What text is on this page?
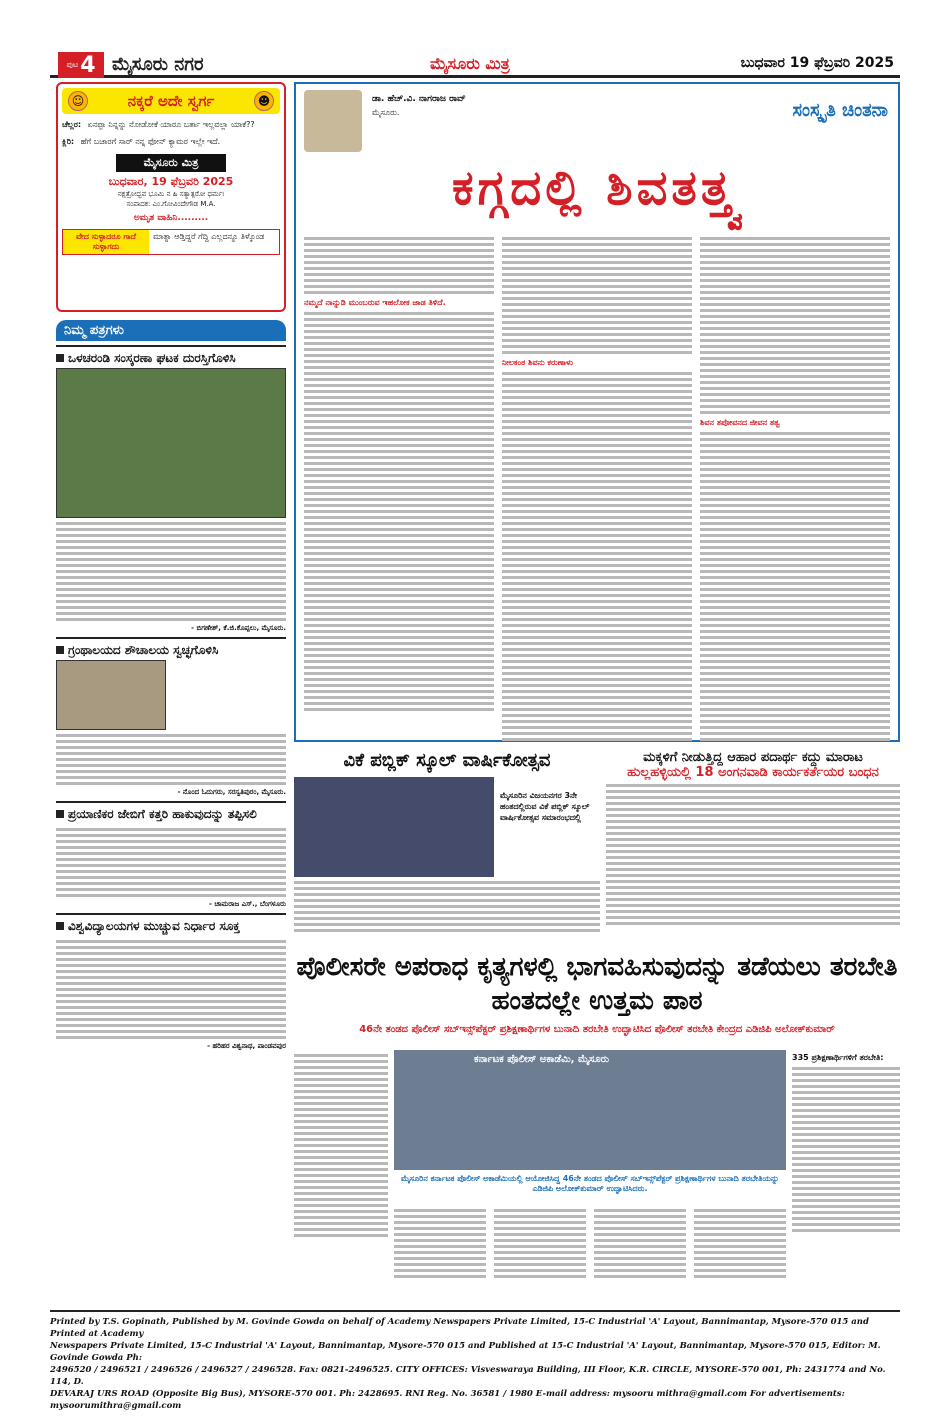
ಪುಟ 4 ಮೈಸೂರು ನಗರ	ಮೈಸೂರು ಮಿತ್ರ	ಬುಧವಾರ 19 ಫೆಬ್ರವರಿ 2025
☺	ನಕ್ಕರೆ ಅದೇ ಸ್ವರ್ಗ	☻
ಚೆಲ್ಲರ: ಏನಪ್ಪಾ ನಿನ್ನನ್ನು ನೋಡೋಕೆ ಯಾರೂ ಬರ್ತಾ ಇಲ್ಲವಲ್ಲಾ ಯಾಕೆ??
ಕ್ಲಿರಿ: ಹೆಗೆ ಬಜಾರಗೆ ಸಾರ್ ನನ್ನ ಫೋನ್ ಕ್ಯಾಮರ ಇಲ್ಲೇ ಇದೆ.
ಮೈಸೂರು ಮಿತ್ರ
ಬುಧವಾರ, 19 ಫೆಬ್ರವರಿ 2025
ನಕ್ಷತ್ರೋದ್ಭವ ಭೂಮಿ ನ ಹಿ ಸತ್ಯಾತ್ಪರೋ ಧರ್ಮಃ
ಸಂಪಾದಕ: ಎಂ.ಗೋವಿಂದೇಗೌಡ M.A.
ಅಮೃತ ವಾಹಿನಿ.........
ವೇದ ಸುಳ್ಳಾದರೂ ಗಾದೆ ಸುಳ್ಳಾಗದು
ಮಾತ್ನಾ ಆಡ್ತಿದ್ದರೆ ಗೆದ್ದಿ ಎಲ್ಲದನ್ನೂ ತಿಳ್ಕೊಂಡ
ನಿಮ್ಮ ಪತ್ರಗಳು
ಒಳಚರಂಡಿ ಸಂಸ್ಕರಣಾ ಘಟಕ ದುರಸ್ತಿಗೊಳಿಸಿ
- ಬಿಗಣೇಶ್, ಕೆ.ಜಿ.ಕೊಪ್ಪಲು, ಮೈಸೂರು.
ಗ್ರಂಥಾಲಯದ ಶೌಚಾಲಯ ಸ್ವಚ್ಛಗೊಳಿಸಿ
- ನೊಂದ ಓದುಗರು, ಸರಸ್ವತಿಪುರಂ, ಮೈಸೂರು.
ಪ್ರಯಾಣಿಕರ ಜೇಬಿಗೆ ಕತ್ತರಿ ಹಾಕುವುದನ್ನು ತಪ್ಪಿಸಲಿ
- ಚಾಮರಾಜ ಎಸ್‌., ಬೆಂಗಳೂರು
ವಿಶ್ವವಿದ್ಯಾಲಯಗಳ ಮುಚ್ಚುವ ನಿರ್ಧಾರ ಸೂಕ್ತ
- ಹರಿಹರ ವಿಶ್ವನಾಥ, ಪಾಂಡವಪುರ
ಡಾ. ಹೆಚ್‌.ವಿ. ನಾಗರಾಜ ರಾವ್
ಮೈಸೂರು.	ಸಂಸ್ಕೃತಿ ಚಿಂತನಾ
ಕಗ್ಗದಲ್ಲಿ ಶಿವತತ್ತ್ವ
ನಮ್ಮದೆ ನಾನ್ನುಡಿ ಮುಂಬರುವ ಇಹಲೋಕ ಜಾಡ ತಿಳಿದೆ.
ನೀಲಕಂಠ ಶಿವನು ಕರುಣಾಳು
ಶಿವನ ತಪೋವನದ ಜೀವನ ತತ್ವ
ವಿಕೆ ಪಬ್ಲಿಕ್ ಸ್ಕೂಲ್ ವಾರ್ಷಿಕೋತ್ಸವ
ಮೈಸೂರಿನ ವಿಜಯನಗರ 3ನೇ ಹಂತದಲ್ಲಿರುವ ವಿಕೆ ಪಬ್ಲಿಕ್ ಸ್ಕೂಲ್ ವಾರ್ಷಿಕೋತ್ಸವ ಸಮಾರಂಭದಲ್ಲಿ
ಮಕ್ಕಳಿಗೆ ನೀಡುತ್ತಿದ್ದ ಆಹಾರ ಪದಾರ್ಥ ಕದ್ದು ಮಾರಾಟ
ಹುಲ್ಲಹಳ್ಳಿಯಲ್ಲಿ 18 ಅಂಗನವಾಡಿ ಕಾರ್ಯಕರ್ತೆಯರ ಬಂಧನ
ಪೊಲೀಸರೇ ಅಪರಾಧ ಕೃತ್ಯಗಳಲ್ಲಿ ಭಾಗವಹಿಸುವುದನ್ನು ತಡೆಯಲು ತರಬೇತಿ ಹಂತದಲ್ಲೇ ಉತ್ತಮ ಪಾಠ
46ನೇ ತಂಡದ ಪೊಲೀಸ್ ಸಬ್‌ಇನ್ಸ್‌ಪೆಕ್ಟರ್ ಪ್ರಶಿಕ್ಷಣಾರ್ಥಿಗಳ ಬುನಾದಿ ತರಬೇತಿ ಉದ್ಘಾಟಿಸಿದ ಪೊಲೀಸ್ ತರಬೇತಿ ಕೇಂದ್ರದ ಎಡಿಜಿಪಿ ಅಲೋಕ್‌ಕುಮಾರ್
ಕರ್ನಾಟಕ ಪೊಲೀಸ್ ಅಕಾಡೆಮಿ, ಮೈಸೂರು
ಮೈಸೂರಿನ ಕರ್ನಾಟಕ ಪೊಲೀಸ್ ಅಕಾಡೆಮಿಯಲ್ಲಿ ಆಯೋಜಿಸಿದ್ದ 46ನೇ ತಂಡದ ಪೊಲೀಸ್ ಸಬ್‌ಇನ್ಸ್‌ಪೆಕ್ಟರ್ ಪ್ರಶಿಕ್ಷಣಾರ್ಥಿಗಳ ಬುನಾದಿ ತರಬೇತಿಯನ್ನು ಎಡಿಜಿಪಿ ಅಲೋಕ್‌ಕುಮಾರ್ ಉದ್ಘಾಟಿಸಿದರು.
335 ಪ್ರಶಿಕ್ಷಣಾರ್ಥಿಗಳಿಗೆ ತರಬೇತಿ:
Printed by T.S. Gopinath, Published by M. Govinde Gowda on behalf of Academy Newspapers Private Limited, 15-C Industrial 'A' Layout, Bannimantap, Mysore-570 015 and Printed at Academy
Newspapers Private Limited, 15-C Industrial 'A' Layout, Bannimantap, Mysore-570 015 and Published at 15-C Industrial 'A' Layout, Bannimantap, Mysore-570 015, Editor: M. Govinde Gowda Ph:
2496520 / 2496521 / 2496526 / 2496527 / 2496528. Fax: 0821-2496525. CITY OFFICES: Visveswaraya Building, III Floor, K.R. CIRCLE, MYSORE-570 001, Ph: 2431774 and No. 114, D.
DEVARAJ URS ROAD (Opposite Big Bus), MYSORE-570 001. Ph: 2428695. RNI Reg. No. 36581 / 1980 E-mail address: mysooru mithra@gmail.com For advertisements: mysoorumithra@gmail.com
